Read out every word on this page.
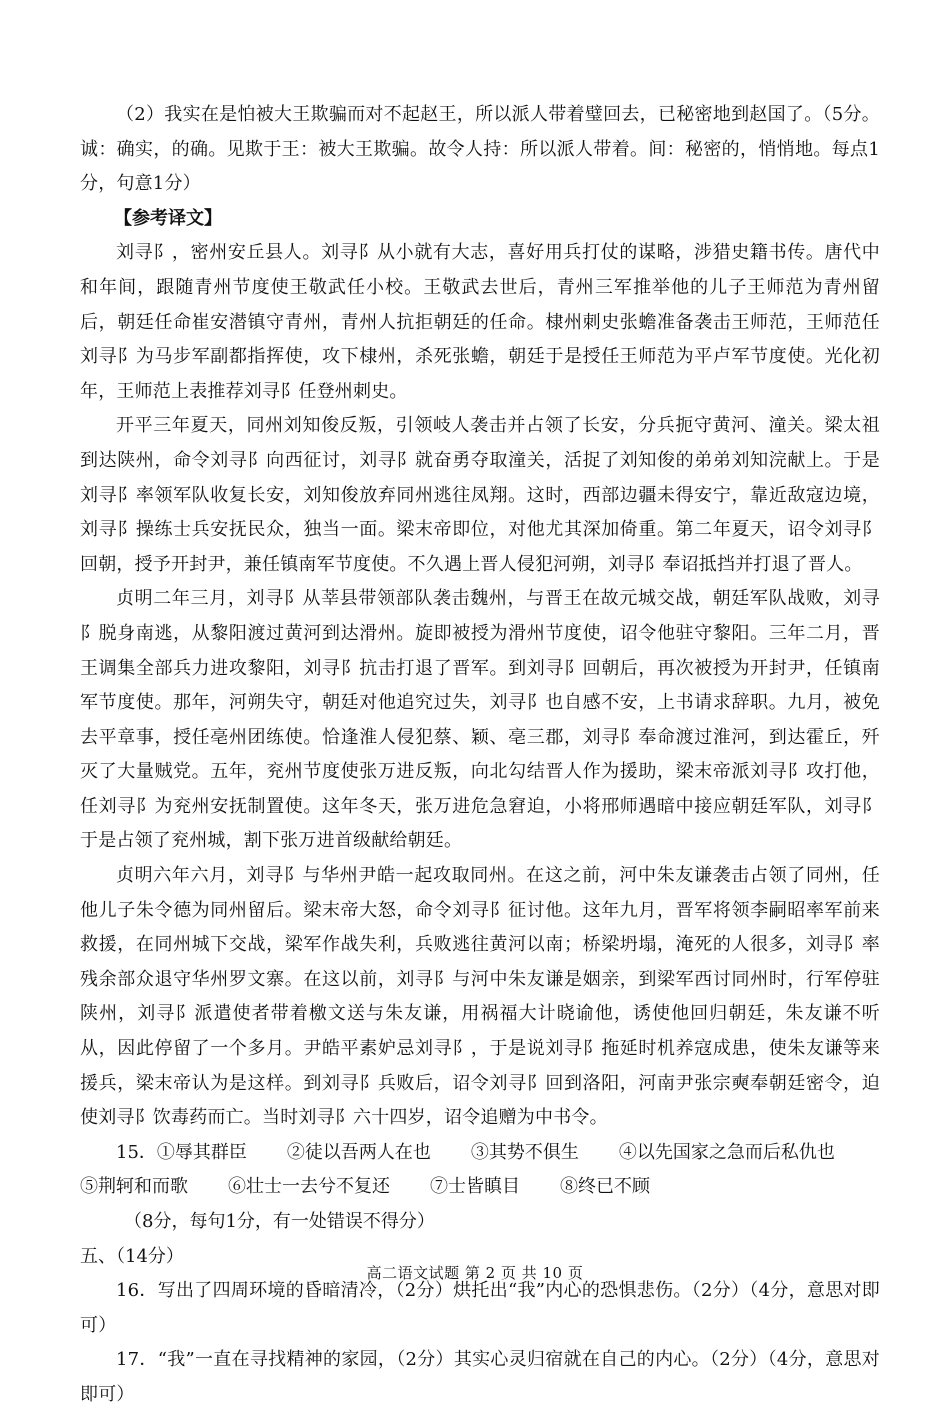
（2）我实在是怕被大王欺骗而对不起赵王，所以派人带着璧回去，已秘密地到赵国了。（5分。诚：确实，的确。见欺于王：被大王欺骗。故令人持：所以派人带着。间：秘密的，悄悄地。每点1分，句意1分）

【参考译文】

刘寻阝，密州安丘县人。刘寻阝从小就有大志，喜好用兵打仗的谋略，涉猎史籍书传。唐代中和年间，跟随青州节度使王敬武任小校。王敬武去世后，青州三军推举他的儿子王师范为青州留后，朝廷任命崔安潜镇守青州，青州人抗拒朝廷的任命。棣州刺史张蟾准备袭击王师范，王师范任刘寻阝为马步军副都指挥使，攻下棣州，杀死张蟾，朝廷于是授任王师范为平卢军节度使。光化初年，王师范上表推荐刘寻阝任登州刺史。

开平三年夏天，同州刘知俊反叛，引领岐人袭击并占领了长安，分兵扼守黄河、潼关。梁太祖到达陕州，命令刘寻阝向西征讨，刘寻阝就奋勇夺取潼关，活捉了刘知俊的弟弟刘知浣献上。于是刘寻阝率领军队收复长安，刘知俊放弃同州逃往凤翔。这时，西部边疆未得安宁，靠近敌寇边境，刘寻阝操练士兵安抚民众，独当一面。梁末帝即位，对他尤其深加倚重。第二年夏天，诏令刘寻阝回朝，授予开封尹，兼任镇南军节度使。不久遇上晋人侵犯河朔，刘寻阝奉诏抵挡并打退了晋人。

贞明二年三月，刘寻阝从莘县带领部队袭击魏州，与晋王在故元城交战，朝廷军队战败，刘寻阝脱身南逃，从黎阳渡过黄河到达滑州。旋即被授为滑州节度使，诏令他驻守黎阳。三年二月，晋王调集全部兵力进攻黎阳，刘寻阝抗击打退了晋军。到刘寻阝回朝后，再次被授为开封尹，任镇南军节度使。那年，河朔失守，朝廷对他追究过失，刘寻阝也自感不安，上书请求辞职。九月，被免去平章事，授任亳州团练使。恰逢淮人侵犯蔡、颖、亳三郡，刘寻阝奉命渡过淮河，到达霍丘，歼灭了大量贼党。五年，兖州节度使张万进反叛，向北勾结晋人作为援助，梁末帝派刘寻阝攻打他，任刘寻阝为兖州安抚制置使。这年冬天，张万进危急窘迫，小将邢师遇暗中接应朝廷军队，刘寻阝于是占领了兖州城，割下张万进首级献给朝廷。

贞明六年六月，刘寻阝与华州尹皓一起攻取同州。在这之前，河中朱友谦袭击占领了同州，任他儿子朱令德为同州留后。梁末帝大怒，命令刘寻阝征讨他。这年九月，晋军将领李嗣昭率军前来救援，在同州城下交战，梁军作战失利，兵败逃往黄河以南；桥梁坍塌，淹死的人很多，刘寻阝率残余部众退守华州罗文寨。在这以前，刘寻阝与河中朱友谦是姻亲，到梁军西讨同州时，行军停驻陕州，刘寻阝派遣使者带着檄文送与朱友谦，用祸福大计晓谕他，诱使他回归朝廷，朱友谦不听从，因此停留了一个多月。尹皓平素妒忌刘寻阝，于是说刘寻阝拖延时机养寇成患，使朱友谦等来援兵，梁末帝认为是这样。到刘寻阝兵败后，诏令刘寻阝回到洛阳，河南尹张宗奭奉朝廷密令，迫使刘寻阝饮毒药而亡。当时刘寻阝六十四岁，诏令追赠为中书令。

15．①辱其群臣 ②徒以吾两人在也 ③其势不俱生 ④以先国家之急而后私仇也

⑤荆轲和而歌 ⑥壮士一去兮不复还 ⑦士皆瞋目 ⑧终已不顾

（8分，每句1分，有一处错误不得分）

五、（14分）

16．写出了四周环境的昏暗清冷，（2分）烘托出“我”内心的恐惧悲伤。（2分）（4分，意思对即可）

17．“我”一直在寻找精神的家园，（2分）其实心灵归宿就在自己的内心。（2分）（4分，意思对即可）

高二语文试题 第 2 页 共 10 页
